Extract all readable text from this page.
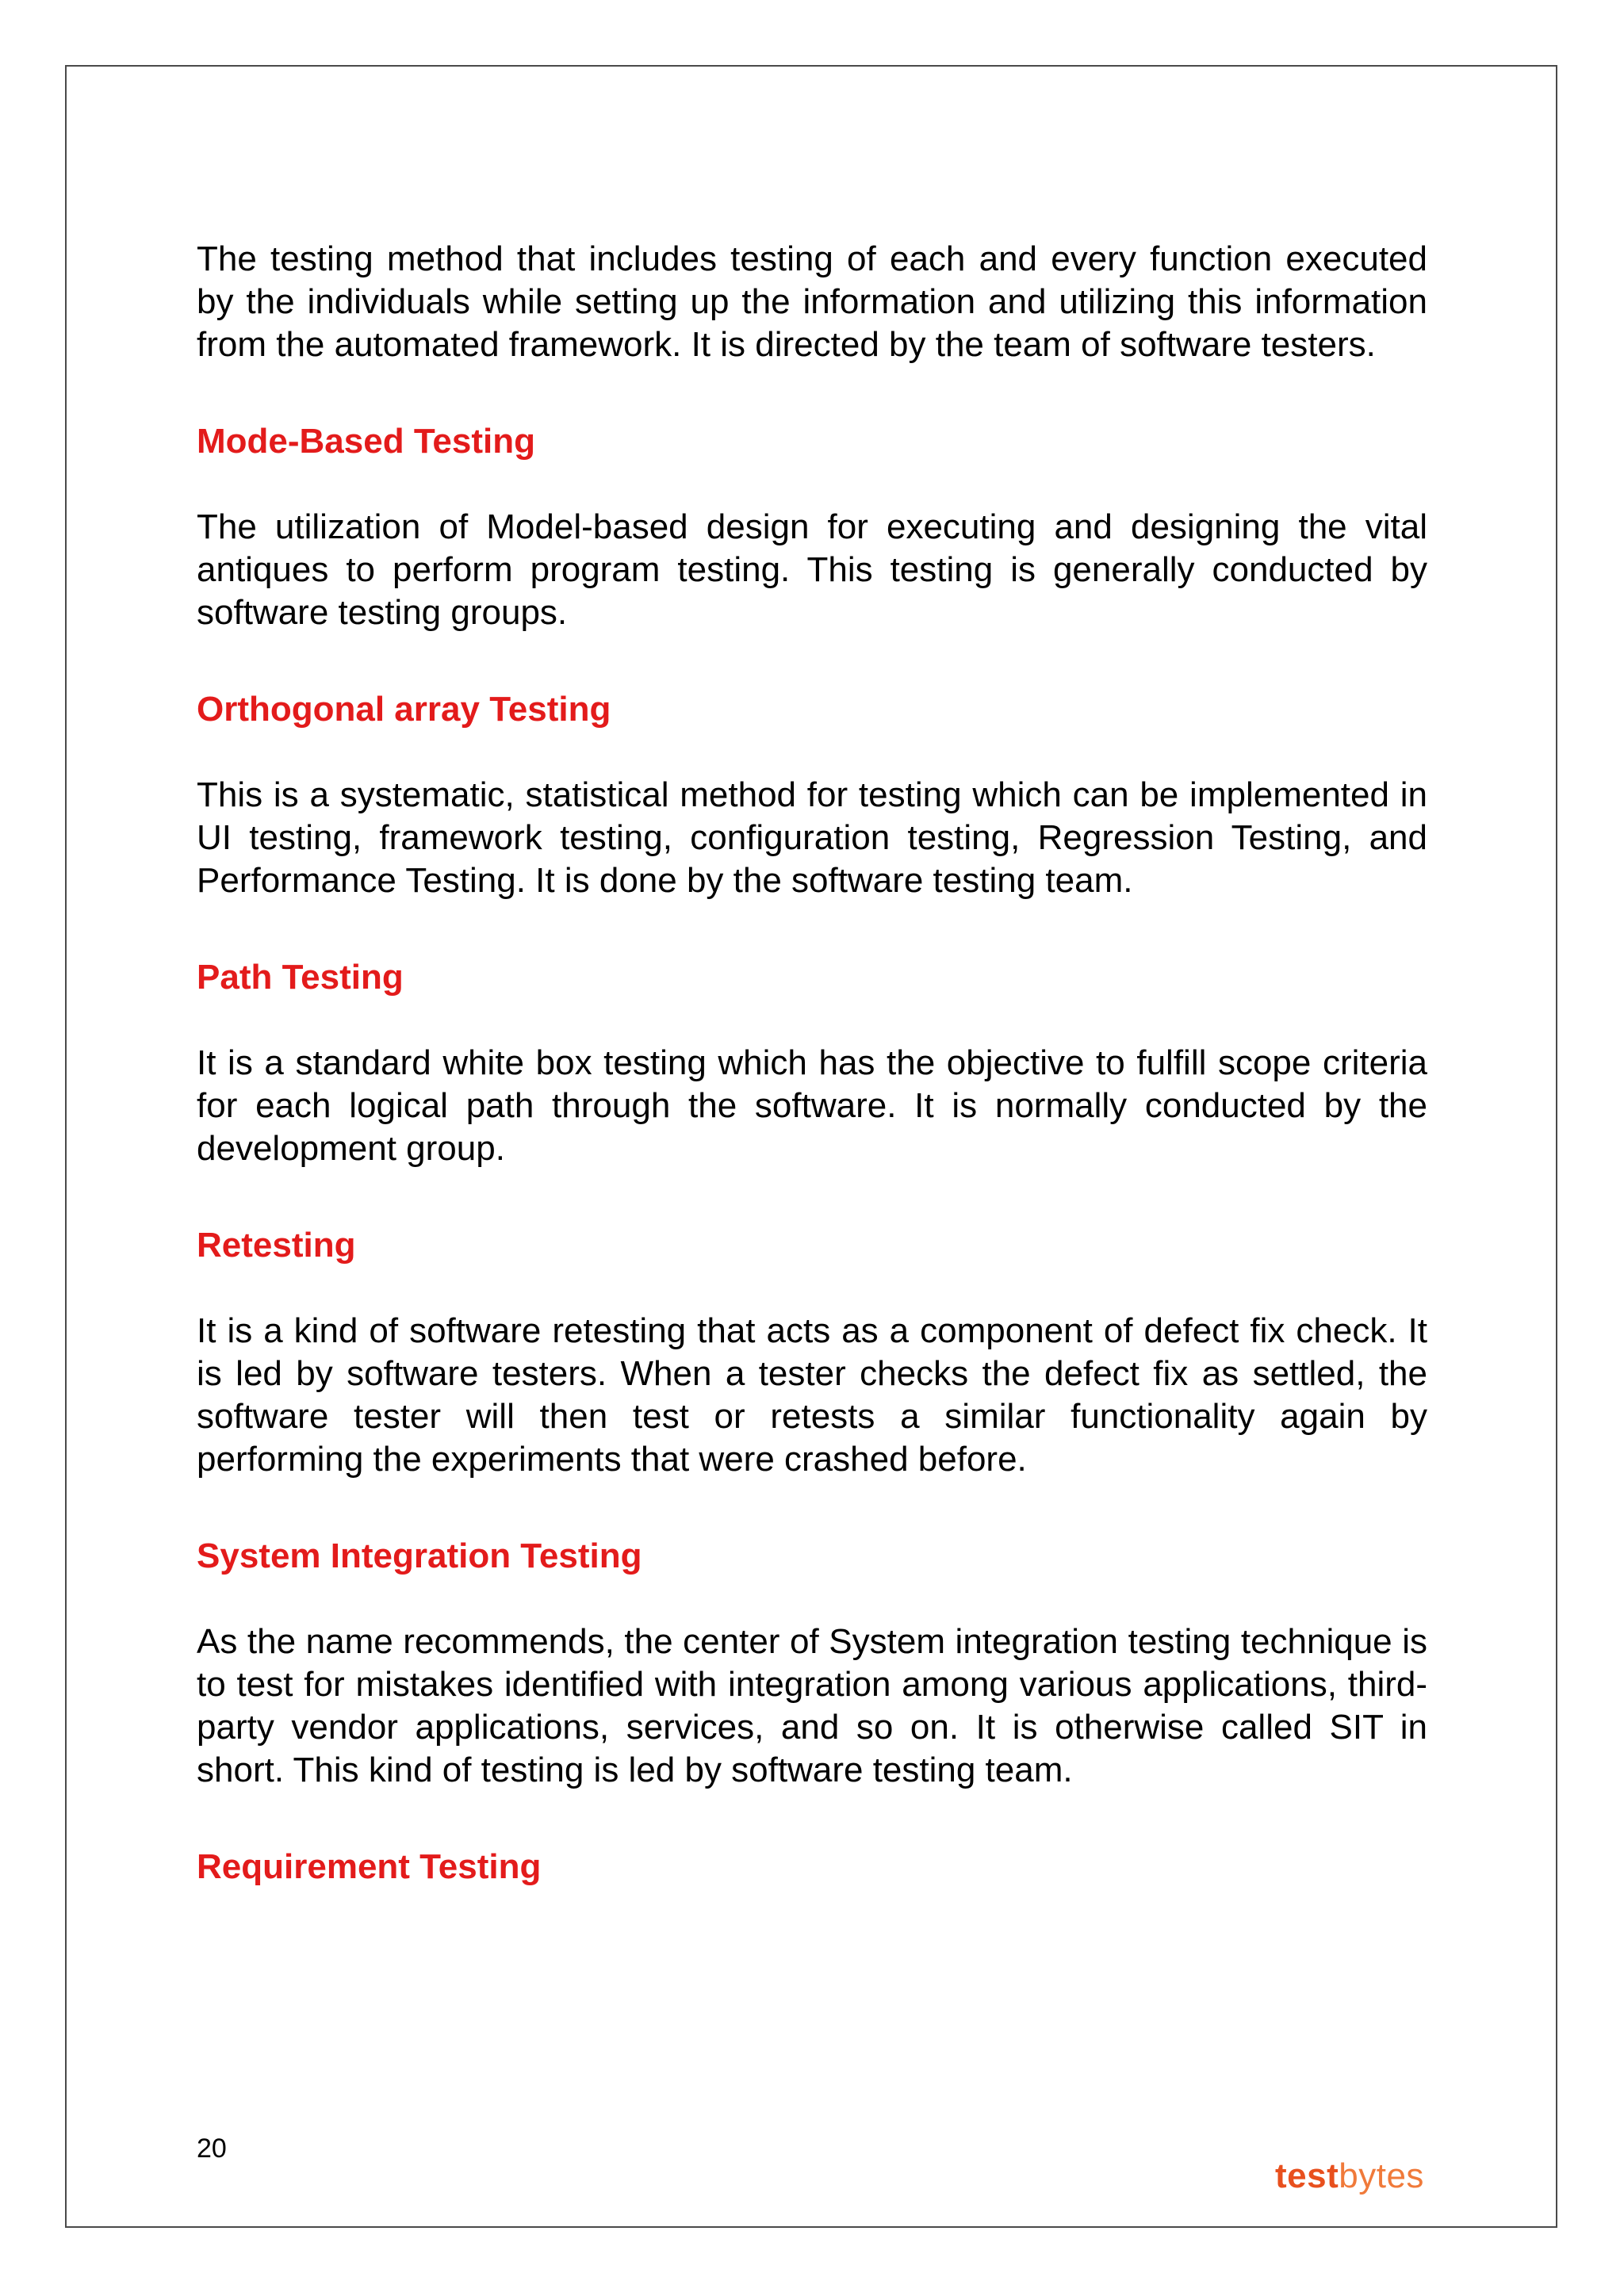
The testing method that includes testing of each and every function executed by the individuals while setting up the information and utilizing this information from the automated framework. It is directed by the team of software testers.

Mode-Based Testing

The utilization of Model-based design for executing and designing the vital antiques to perform program testing. This testing is generally conducted by software testing groups.

Orthogonal array Testing

This is a systematic, statistical method for testing which can be implemented in UI testing, framework testing, configuration testing, Regression Testing, and Performance Testing. It is done by the software testing team.

Path Testing

It is a standard white box testing which has the objective to fulfill scope criteria for each logical path through the software. It is normally conducted by the development group.

Retesting

It is a kind of software retesting that acts as a component of defect fix check. It is led by software testers. When a tester checks the defect fix as settled, the software tester will then test or retests a similar functionality again by performing the experiments that were crashed before.

System Integration Testing

As the name recommends, the center of System integration testing technique is to test for mistakes identified with integration among various applications, third-party vendor applications, services, and so on. It is otherwise called SIT in short. This kind of testing is led by software testing team.

Requirement Testing
20
testbytes
